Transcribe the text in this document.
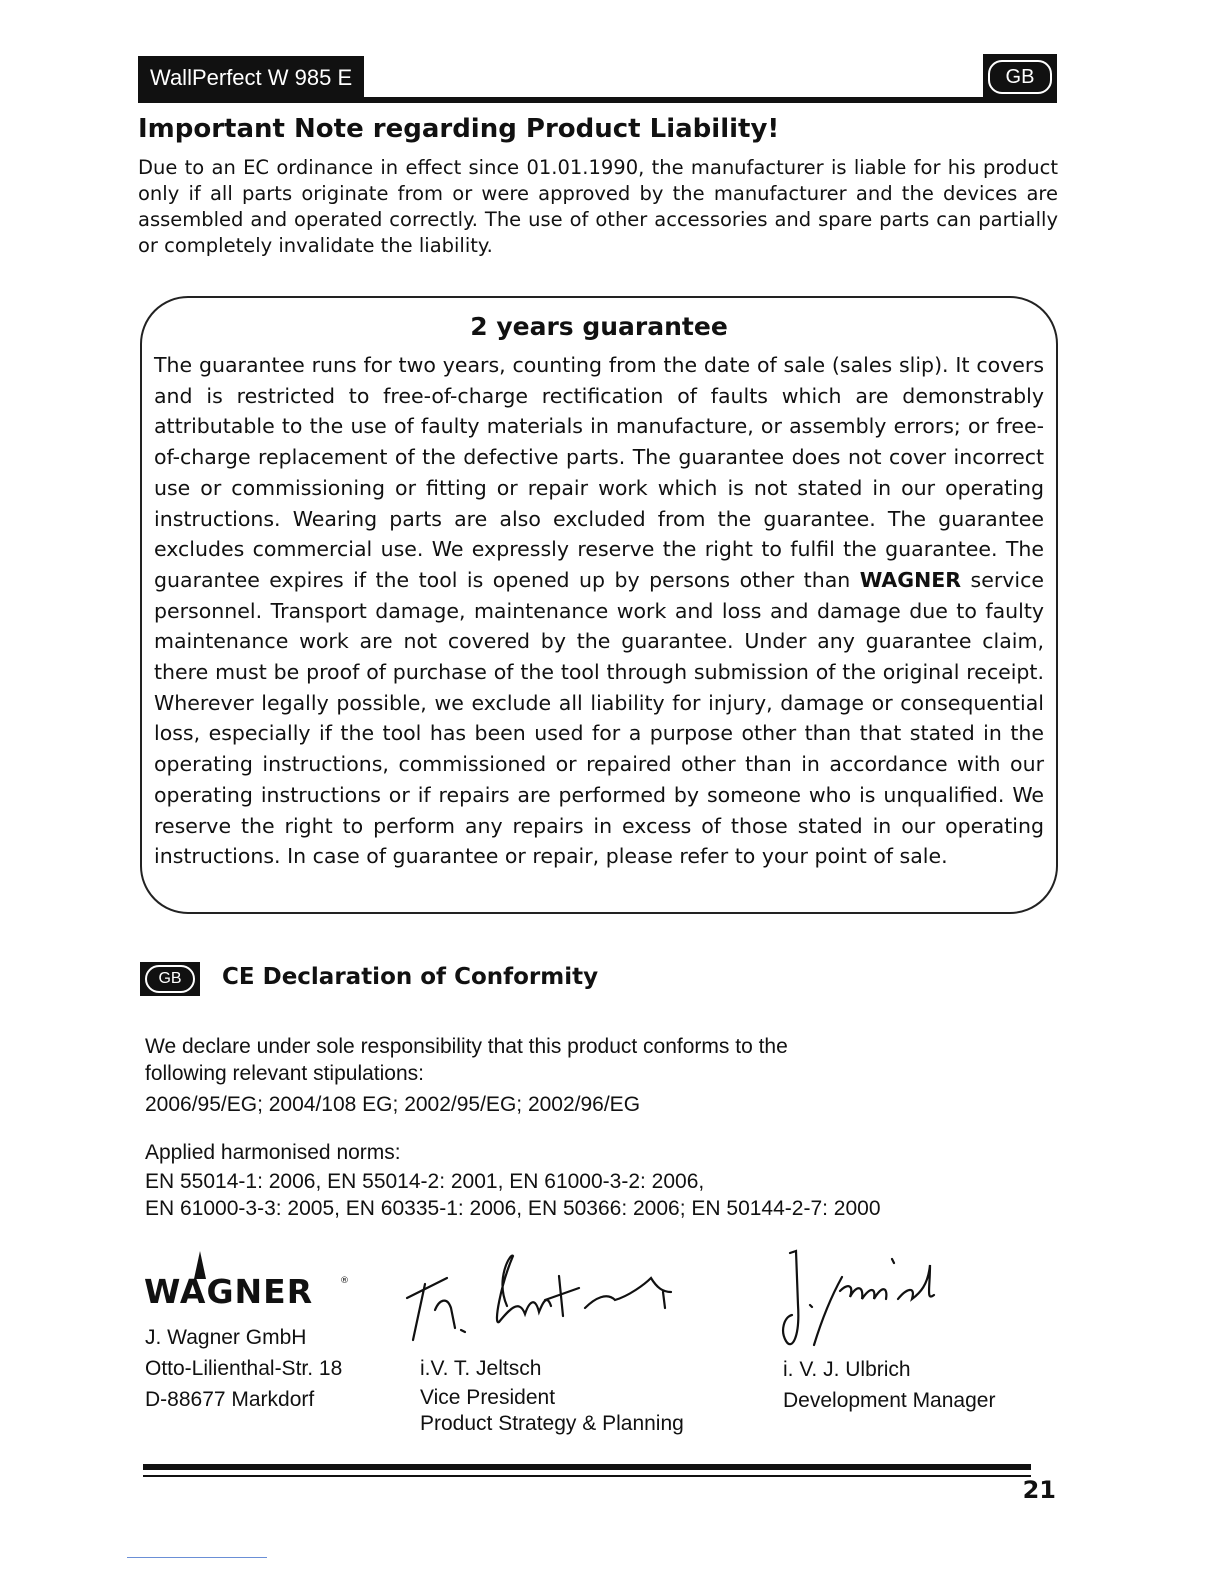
WallPerfect W 985 E	GB
Important Note regarding Product Liability!
Due to an EC ordinance in effect since 01.01.1990, the manufacturer is liable for his product only if all parts originate from or were approved by the manufacturer and the devices are assembled and operated correctly. The use of other accessories and spare parts can partially or completely invalidate the liability.
2 years guarantee
The guarantee runs for two years, counting from the date of sale (sales slip). It covers and is restricted to free-of-charge rectification of faults which are demonstrably attributable to the use of faulty materials in manufacture, or assembly errors; or free-of-charge replacement of the defective parts. The guarantee does not cover incorrect use or commissioning or fitting or repair work which is not stated in our operating instructions. Wearing parts are also excluded from the guarantee. The guarantee excludes commercial use. We expressly reserve the right to fulfil the guarantee. The guarantee expires if the tool is opened up by persons other than WAGNER service personnel. Transport damage, maintenance work and loss and damage due to faulty maintenance work are not covered by the guarantee. Under any guarantee claim, there must be proof of purchase of the tool through submission of the original receipt. Wherever legally possible, we exclude all liability for injury, damage or consequential loss, especially if the tool has been used for a purpose other than that stated in the operating instructions, commissioned or repaired other than in accordance with our operating instructions or if repairs are performed by someone who is unqualified. We reserve the right to perform any repairs in excess of those stated in our operating instructions. In case of guarantee or repair, please refer to your point of sale.
GB	CE Declaration of Conformity
We declare under sole responsibility that this product conforms to the following relevant stipulations:
2006/95/EG; 2004/108 EG; 2002/95/EG; 2002/96/EG
Applied harmonised norms:
EN 55014-1: 2006, EN 55014-2: 2001, EN 61000-3-2: 2006,
EN 61000-3-3: 2005, EN 60335-1: 2006, EN 50366: 2006; EN 50144-2-7: 2000
WAGNER	®
J. Wagner GmbH
Otto-Lilienthal-Str. 18
D-88677 Markdorf
i.V. T. Jeltsch
Vice President
Product Strategy & Planning
i. V. J. Ulbrich
Development Manager
21
